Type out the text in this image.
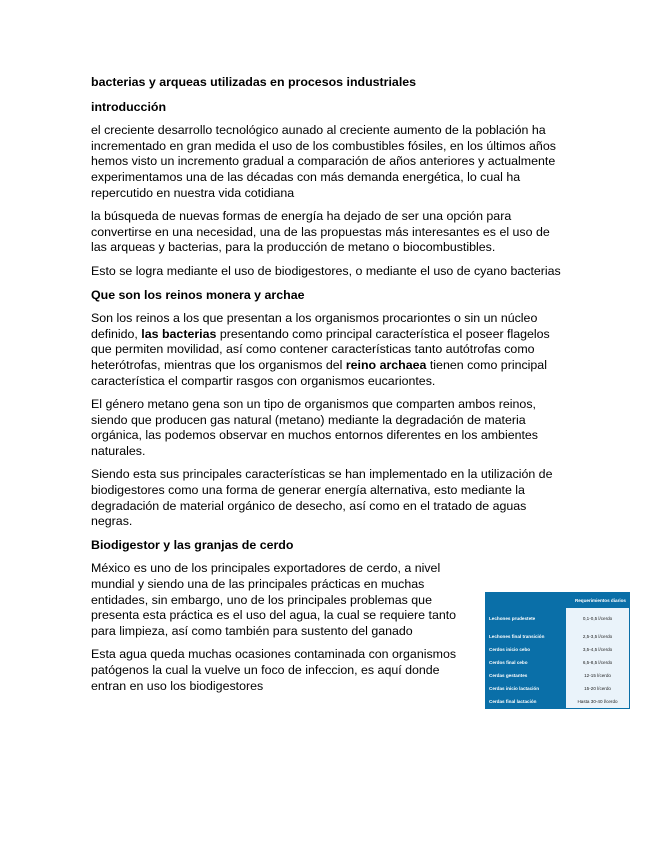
bacterias y arqueas utilizadas en procesos industriales
introducción

el creciente desarrollo tecnológico aunado al creciente aumento de la población ha incrementado en gran medida el uso de los combustibles fósiles, en los últimos años hemos visto un incremento gradual a comparación de años anteriores y actualmente experimentamos una de las décadas con más demanda energética, lo cual ha repercutido en nuestra vida cotidiana

la búsqueda de nuevas formas de energía ha dejado de ser una opción para convertirse en una necesidad, una de las propuestas más interesantes es el uso de las arqueas y bacterias, para la producción de metano o biocombustibles.

Esto se logra mediante el uso de biodigestores, o mediante el uso de cyano bacterias

Que son los reinos monera y archae

Son los reinos a los que presentan a los organismos procariontes o sin un núcleo definido, las bacterias presentando como principal característica el poseer flagelos que permiten movilidad, así como contener características tanto autótrofas como heterótrofas, mientras que los organismos del reino archaea tienen como principal característica el compartir rasgos con organismos eucariontes.

El género metano gena son un tipo de organismos que comparten ambos reinos, siendo que producen gas natural (metano) mediante la degradación de materia orgánica, las podemos observar en muchos entornos diferentes en los ambientes naturales.

Siendo esta sus principales características se han implementado en la utilización de biodigestores como una forma de generar energía alternativa, esto mediante la degradación de material orgánico de desecho, así como en el tratado de aguas negras.

Biodigestor y las granjas de cerdo

México es uno de los principales exportadores de cerdo, a nivel mundial y siendo una de las principales prácticas en muchas entidades, sin embargo, uno de los principales problemas que presenta esta práctica es el uso del agua, la cual se requiere tanto para limpieza, así como también para sustento del ganado

Esta agua queda muchas ocasiones contaminada con organismos patógenos la cual la vuelve un foco de infeccion, es aquí donde entran en uso los biodigestores

Requerimientos diarios	
Lechones prudestete	0,1-0,5 l/cerdo
Lechones final transición	2,5-3,5 l/cerdo
Cerdos inicio cebo	3,5-4,5 l/cerdo
Cerdos final cebo	6,5-8,5 l/cerdo
Cerdas gestantes	12-15 l/cerdo
Cerdas inicio lactación	15-20 l/cerdo
Cerdas final lactación	Hasta 30-40 l/cerdo
